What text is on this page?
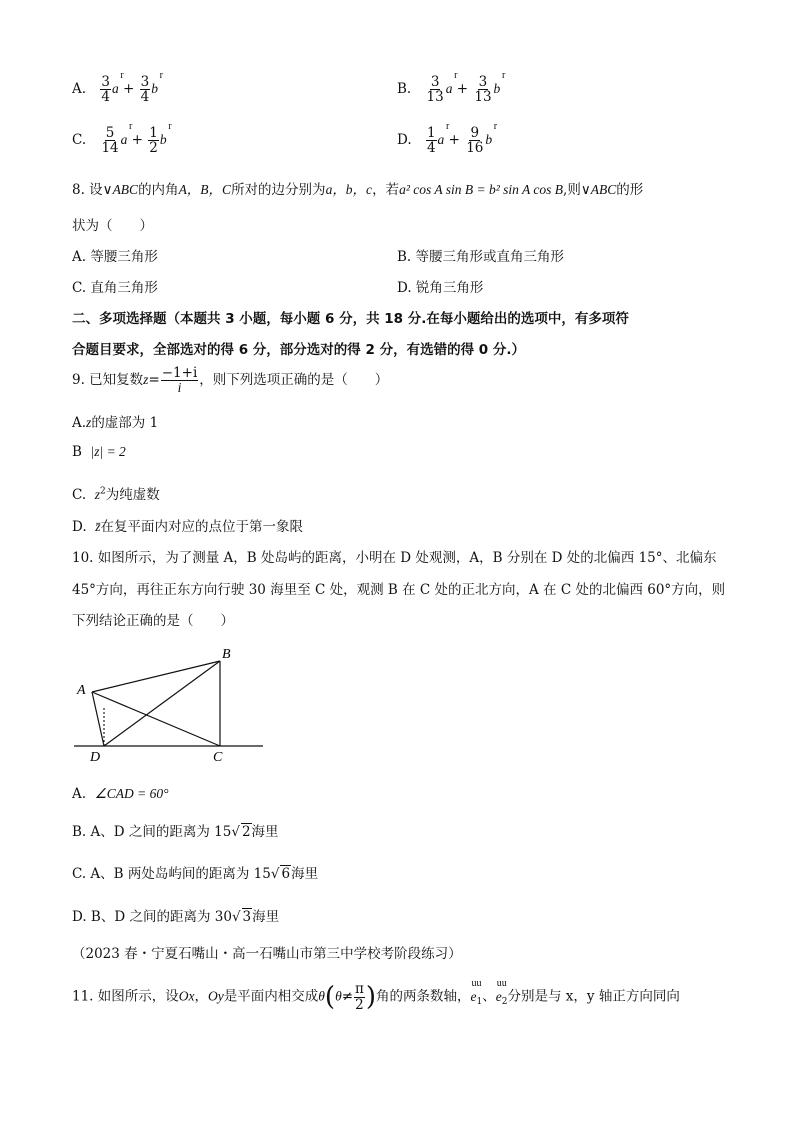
A. $\frac{3}{4}$ a
r
+ $\frac{3}{4}$ b
r
B. $\frac{3}{13}$ a
r
+ $\frac{3}{13}$ b
r
C. $\frac{5}{14}$ a
r
+ $\frac{1}{2}$ b
r
D. $\frac{1}{4}$ a
r
+ $\frac{9}{16}$ b
r
8. 设∨ABC的内角A，B，C所对的边分别为a，b，c，若a² cos A sin B = b² sin A cos B,则∨ABC的形
状为（　　）
A. 等腰三角形	B. 等腰三角形或直角三角形
C. 直角三角形	D. 锐角三角形
二、多项选择题（本题共 3 小题，每小题 6 分，共 18 分.在每小题给出的选项中，有多项符
合题目要求，全部选对的得 6 分，部分选对的得 2 分，有选错的得 0 分.）
9. 已知复数$z= \frac{-1+i}{i}$ ，则下列选项正确的是（　　）
A.z的虚部为 1
B |z| = 2
C. $z^2$为纯虚数
D. z̄在复平面内对应的点位于第一象限
10. 如图所示，为了测量 A，B 处岛屿的距离，小明在 D 处观测，A，B 分别在 D 处的北偏西 15°、北偏东
45°方向，再往正东方向行驶 30 海里至 C 处，观测 B 在 C 处的正北方向，A 在 C 处的北偏西 60°方向，则
下列结论正确的是（　　）
A
B
C
D
A. ∠CAD = 60°
B. A、D 之间的距离为 15√ 2海里
C. A、B 两处岛屿间的距离为 15√ 6海里
D. B、D 之间的距离为 30√ 3海里
（2023 春・宁夏石嘴山・高一石嘴山市第三中学校考阶段练习）
11. 如图所示，设Ox，Oy是平面内相交成$\theta(\theta\ne \frac{\pi}{2}$ )角的两条数轴，e
uu
$_1$、e
uu
$_2$分别是与 x，y 轴正方向同向
